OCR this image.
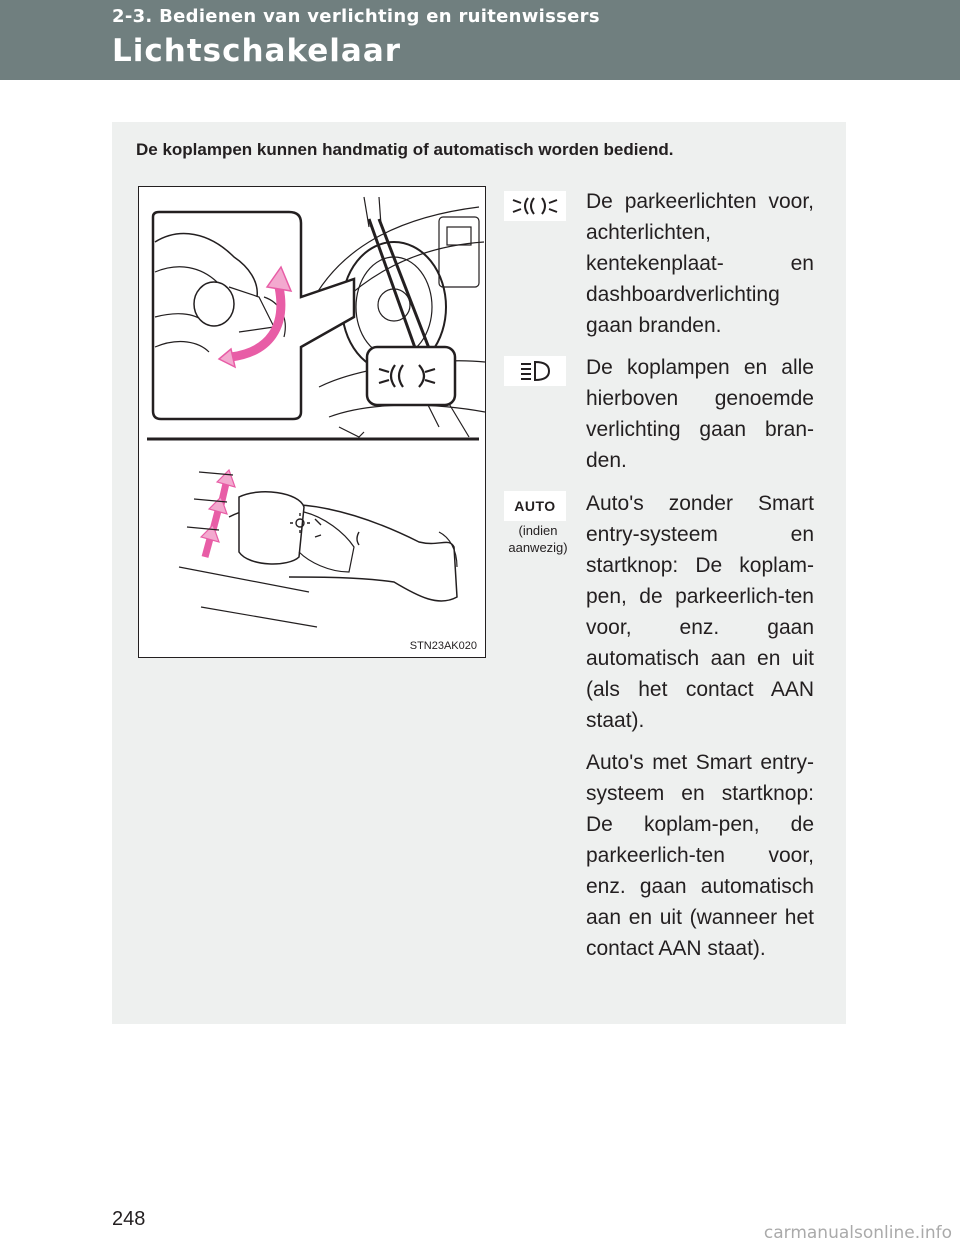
2-3. Bedienen van verlichting en ruitenwissers
Lichtschakelaar
De koplampen kunnen handmatig of automatisch worden bediend.
STN23AK020

De parkeerlichten voor, achterlichten, kentekenplaat- en dashboardverlichting gaan branden.

De koplampen en alle hierboven genoemde verlichting gaan bran-den.

AUTO
(indien aanwezig)

Auto's zonder Smart entry-systeem en startknop: De koplam-pen, de parkeerlich-ten voor, enz. gaan automatisch aan en uit (als het contact AAN staat).

Auto's met Smart entry-systeem en startknop: De koplam-pen, de parkeerlich-ten voor, enz. gaan automatisch aan en uit (wanneer het contact AAN staat).

248
carmanualsonline.info
